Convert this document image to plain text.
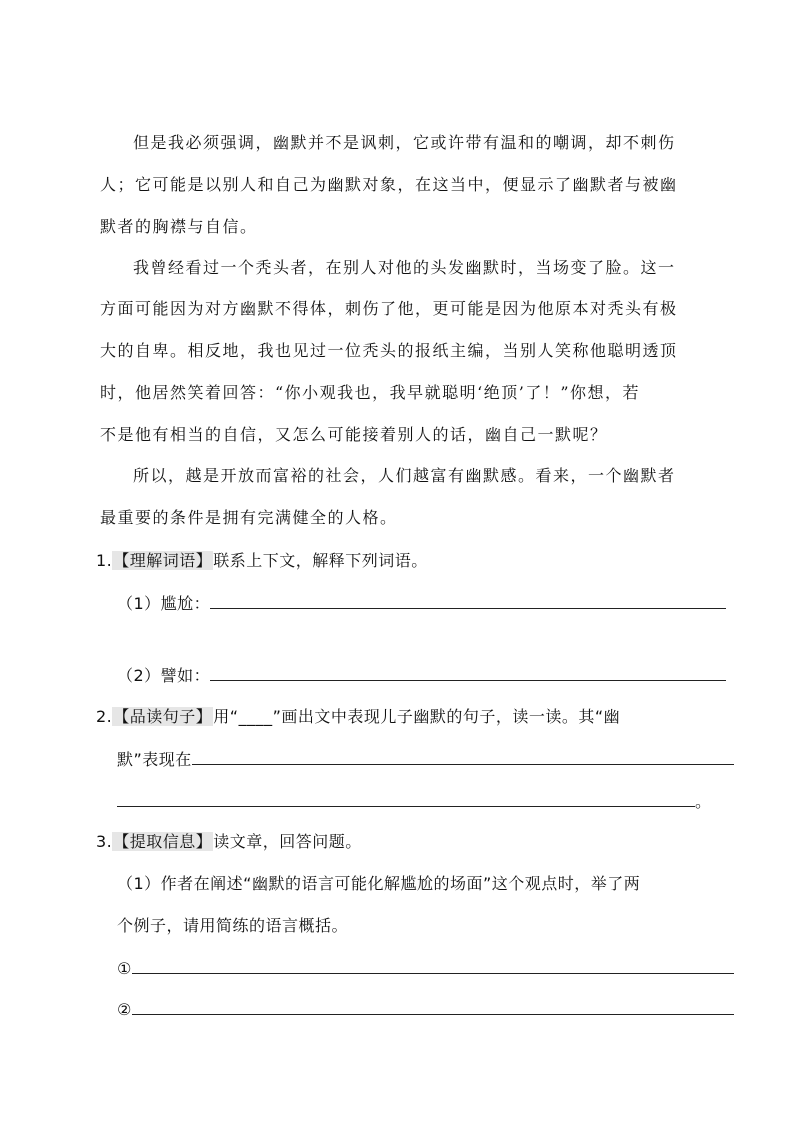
但是我必须强调，幽默并不是讽刺，它或许带有温和的嘲调，却不刺伤
人；它可能是以别人和自己为幽默对象，在这当中，便显示了幽默者与被幽
默者的胸襟与自信。
我曾经看过一个秃头者，在别人对他的头发幽默时，当场变了脸。这一
方面可能因为对方幽默不得体，刺伤了他，更可能是因为他原本对秃头有极
大的自卑。相反地，我也见过一位秃头的报纸主编，当别人笑称他聪明透顶
时，他居然笑着回答：“你小观我也，我早就聪明‘绝顶’了！”你想，若
不是他有相当的自信，又怎么可能接着别人的话，幽自己一默呢？
所以，越是开放而富裕的社会，人们越富有幽默感。看来，一个幽默者
最重要的条件是拥有完满健全的人格。
1.【理解词语】联系上下文，解释下列词语。
（1）尴尬：
（2）譬如：
2.【品读句子】用“____”画出文中表现儿子幽默的句子，读一读。其“幽
默”表现在
。
3.【提取信息】读文章，回答问题。
（1）作者在阐述“幽默的语言可能化解尴尬的场面”这个观点时，举了两
个例子，请用简练的语言概括。
①
②
